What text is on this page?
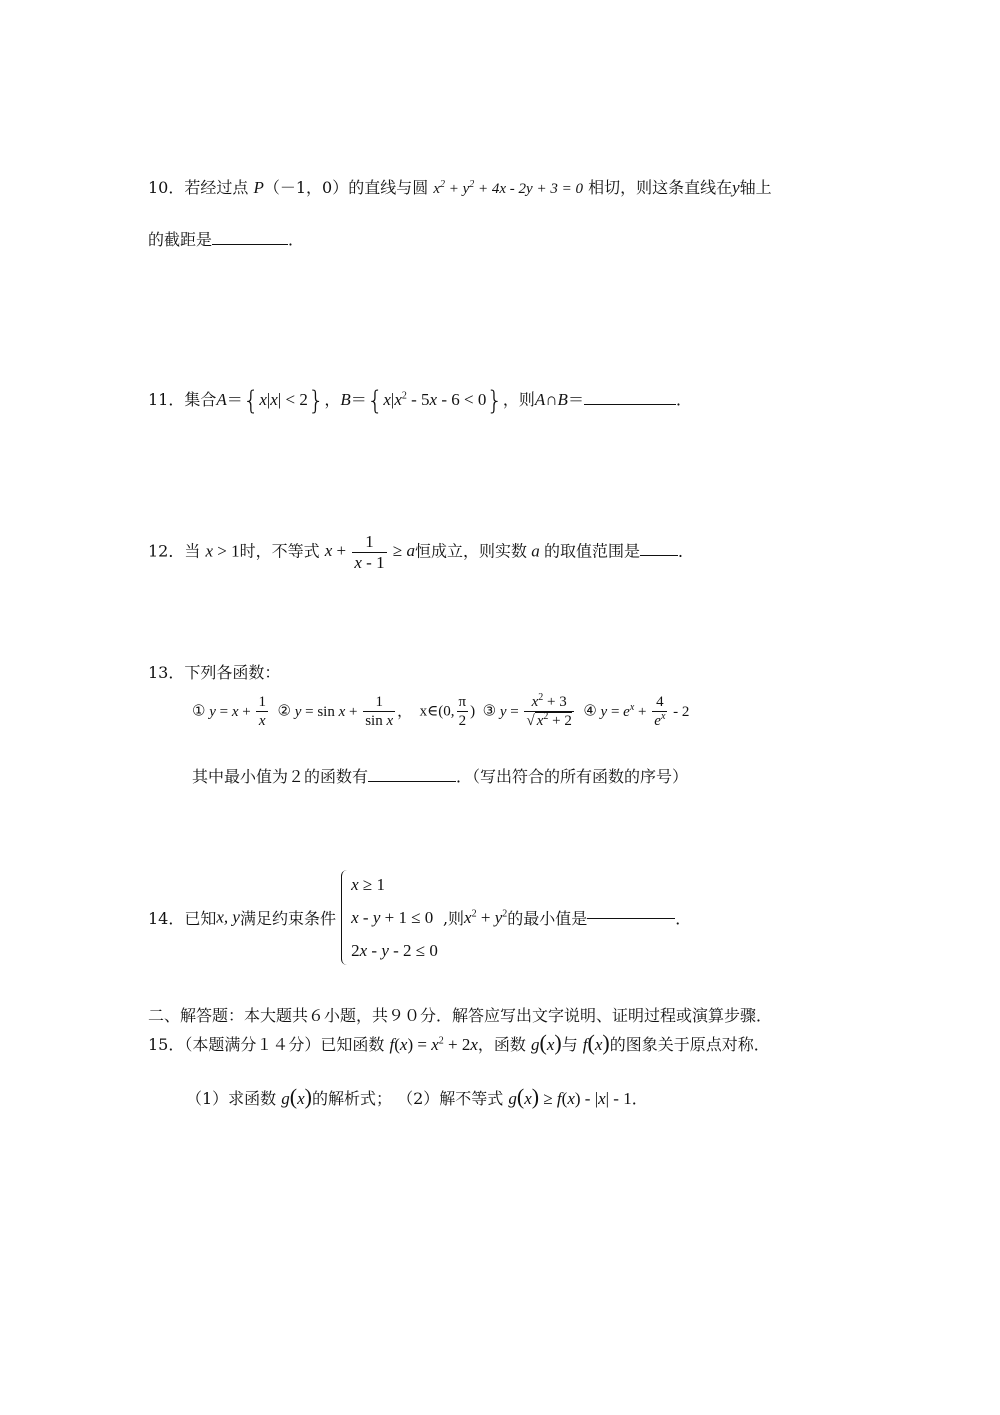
10．若经过点 P（－1，0）的直线与圆 $x^2 + y^2 + 4x - 2y + 3 = 0$ 相切，则这条直线在y轴上
的截距是	．
11．集合A＝{x|x| < 2}，$B=\{x|x^2 - 5x - 6 < 0\}$，则A∩B＝	．
12．当 x > 1时，不等式 $x + \frac{1}{x - 1} \ge a$恒成立，则实数 a 的取值范围是 ．
13．下列各函数：
① $y = x + \frac{1}{x}$ ② $y = \sin x + \frac{1}{\text{sin x}}$ ， x∈(0, $\frac{\pi}{2}$ )  ③ $y = \frac{x^2 + 3}{√ x^2 + 2}$ ④ $y = e^x + \frac{4}{e^x} - 2$
其中最小值为２的函数有	．（写出符合的所有函数的序号）
14．已知x, y满足约束条件
x ≥ 1
x - y + 1 ≤ 0
2x - y - 2 ≤ 0
,则$x^2 + y^2$的最小值是	．
二、解答题：本大题共６小题，共９０分．解答应写出文字说明、证明过程或演算步骤．
15．（本题满分１４分）已知函数 $f(x) = x^2 + 2x$，函数 g(x)与 f(x)的图象关于原点对称．
（1）求函数 g(x)的解析式； （2）解不等式 g(x) ≥ f(x) - |x| - 1．
